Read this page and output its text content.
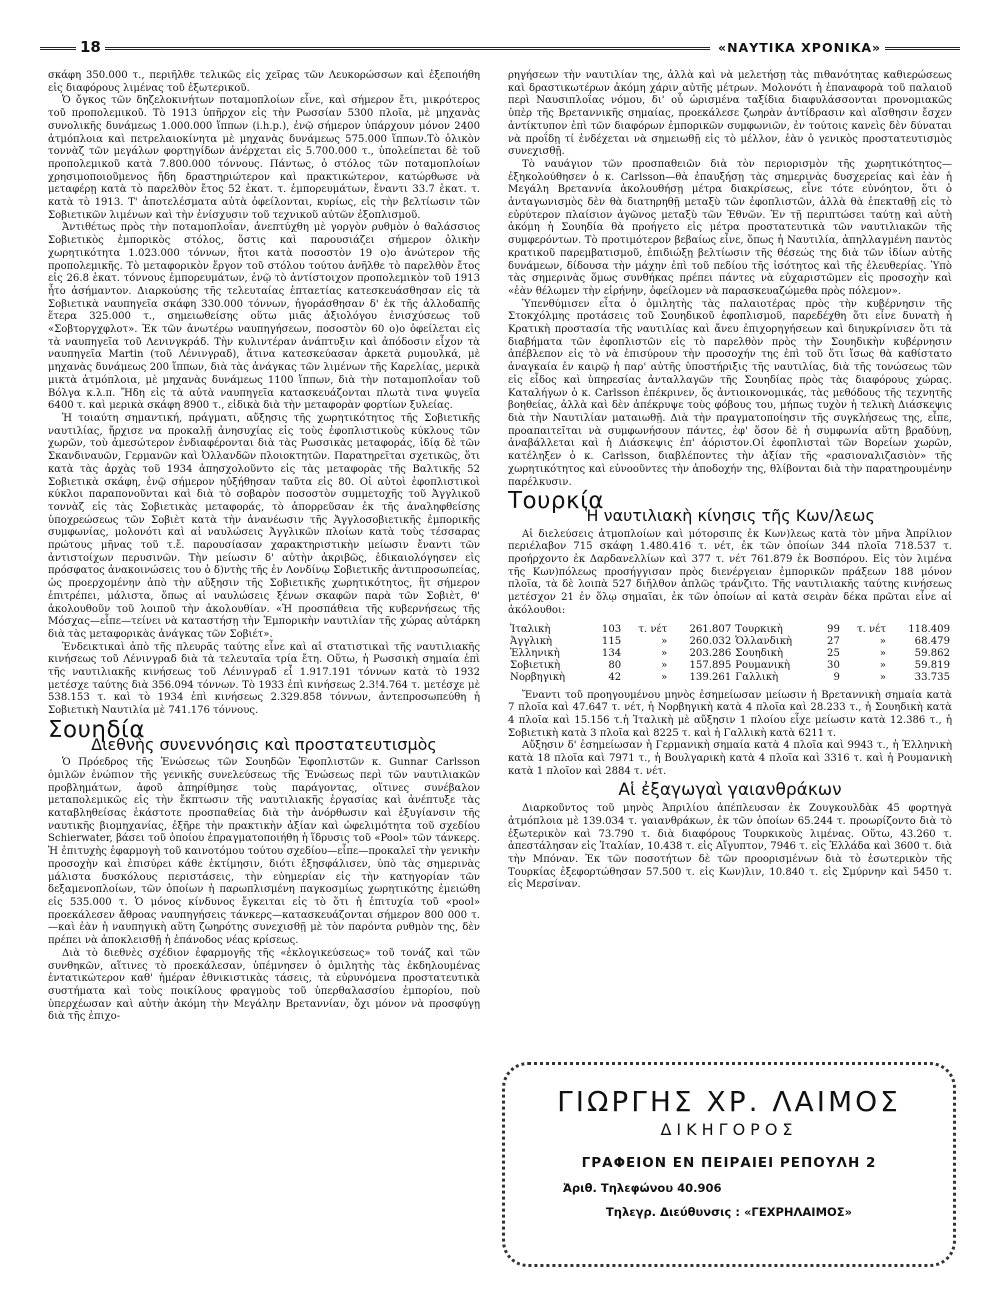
18	«ΝΑΥΤΙΚΑ ΧΡΟΝΙΚΑ»

σκάφη 350.000 τ., περιῆλθε τελικῶς εἰς χεῖρας τῶν Λευκορώσσων καὶ ἐξεποιήθη εἰς διαφόρους λιμένας τοῦ ἐξωτερικοῦ.

Ὁ ὄγκος τῶν δηζελοκινήτων ποταμοπλοίων εἶνε, καὶ σήμερον ἔτι, μικρότερος τοῦ προπολεμικοῦ. Τὸ 1913 ὑπῆρχον εἰς τὴν Ρωσσίαν 5300 πλοῖα, μὲ μηχανὰς συνολικῆς δυνάμεως 1.000.000 ἵππων (i.h.p.), ἐνῷ σήμερον ὑπάρχουν μόνον 2400 ἀτμόπλοια καὶ πετρελαιοκίνητα μὲ μηχανὰς δυνάμεως 575.000 ἵππων.Τὸ ὁλικὸν τοννὰζ τῶν μεγάλων φορτηγίδων ἀνέρχεται εἰς 5.700.000 τ., ὑπολείπεται δὲ τοῦ προπολεμικοῦ κατὰ 7.800.000 τόννους. Πάντως, ὁ στόλος τῶν ποταμοπλοίων χρησιμοποιοῦμενος ἤδη δραστηριώτερον καὶ πρακτικώτερον, κατώρθωσε νὰ μεταφέρῃ κατὰ τὸ παρελθὸν ἔτος 52 ἑκατ. τ. ἐμπορευμάτων, ἔναντι 33.7 ἑκατ. τ. κατὰ τὸ 1913. Τ' ἀποτελέσματα αὐτὰ ὀφείλονται, κυρίως, εἰς τὴν βελτίωσιν τῶν Σοβιετικῶν λιμένων καὶ τὴν ἐνίσχυσιν τοῦ τεχνικοῦ αὐτῶν ἐξοπλισμοῦ.

Ἀντιθέτως πρὸς τὴν ποταμοπλοΐαν, ἀνεπτύχθη μὲ γοργὸν ρυθμὸν ὁ θαλάσσιος Σοβιετικὸς ἐμπορικὸς στόλος, ὅστις καὶ παρουσιάζει σήμερον ὁλικὴν χωρητικότητα 1.023.000 τόννων, ἤτοι κατὰ ποσοστὸν 19 ο)ο ἀνώτερον τῆς προπολεμικῆς. Τὸ μεταφορικὸν ἔργον τοῦ στόλου τούτου ἀνῆλθε τὸ παρελθὸν ἔτος εἰς 26.8 ἑκατ. τόννους ἐμπορευμάτων, ἐνῷ τὸ ἀντίστοιχον προπολεμικὸν τοῦ 1913 ἦτο ἀσήμαντον. Διαρκούσης τῆς τελευταίας ἑπταετίας κατεσκευάσθησαν εἰς τὰ Σοβιετικὰ ναυπηγεῖα σκάφη 330.000 τόννων, ἠγοράσθησαν δ' ἐκ τῆς ἀλλοδαπῆς ἕτερα 325.000 τ., σημειωθείσης οὕτω μιᾶς ἀξιολόγου ἐνισχύσεως τοῦ «Σοβτοργχφλοτ». Ἐκ τῶν ἀνωτέρω ναυπηγήσεων, ποσοστὸν 60 ο)ο ὀφείλεται εἰς τὰ ναυπηγεῖα τοῦ Λενινγκράδ. Τὴν κυλιντέραν ἀνάπτυξιν καὶ ἀπόδοσιν εἶχον τὰ ναυπηγεῖα Martin (τοῦ Λένινγραδ), ἅτινα κατεσκεύασαν ἀρκετὰ ρυμουλκά, μὲ μηχανὰς δυνάμεως 200 ἵππων, διὰ τὰς ἀνάγκας τῶν λιμένων τῆς Καρελίας, μερικὰ μικτὰ ἀτμόπλοια, μὲ μηχανὰς δυνάμεως 1100 ἵππων, διὰ τὴν ποταμοπλοΐαν τοῦ Βόλγα κ.λ.π. Ἤδη εἰς τὰ αὐτὰ ναυπηγεῖα κατασκευάζονται πλωτὰ τινα ψυγεῖα 6400 τ. καὶ μερικὰ σκάφη 8900 τ., εἰδικὰ διὰ τὴν μεταφορὰν φορτίων ξυλείας.

Ἡ τοιαύτη σημαντική, πράγματι, αὔξησις τῆς χωρητικότητος τῆς Σοβιετικῆς ναυτιλίας, ἤρχισε να προκαλῇ ἀνησυχίας εἰς τοὺς ἐφοπλιστικοὺς κύκλους τῶν χωρῶν, τοὺ ἀμεσώτερον ἐνδιαφέρονται διὰ τὰς Ρωσσικὰς μεταφοράς, ἰδίᾳ δὲ τῶν Σκανδιναυῶν, Γερμανῶν καὶ Ὀλλανδῶν πλοιοκτητῶν. Παρατηρεῖται σχετικῶς, ὅτι κατὰ τὰς ἀρχὰς τοῦ 1934 ἀπησχολοῦντο εἰς τὰς μεταφορὰς τῆς Βαλτικῆς 52 Σοβιετικὰ σκάφη, ἐνῷ σήμερον ηὐξήθησαν ταῦτα εἰς 80. Οἱ αὐτοὶ ἐφοπλιστικοὶ κύκλοι παραπονοῦνται καὶ διὰ τὸ σοβαρὸν ποσοστὸν συμμετοχῆς τοῦ Ἀγγλικοῦ τοννὰζ εἰς τὰς Σοβιετικὰς μεταφοράς, τὸ ἀπορρεῦσαν ἐκ τῆς ἀναληφθείσης ὑποχρεώσεως τῶν Σοβιὲτ κατὰ τὴν ἀνανέωσιν τῆς Ἀγγλοσοβιετικῆς ἐμπορικῆς συμφωνίας, μολονότι καὶ αἱ ναυλώσεις Ἀγγλικῶν πλοίων κατὰ τοὺς τέσσαρας πρώτους μῆνας τοῦ τ.ἔ. παρουσίασαν χαρακτηριστικὴν μείωσιν ἔναντι τῶν ἀντιστοίχων περυσινῶν. Τὴν μείωσιν δ' αὐτὴν ἀκριβῶς, ἐδικαιολόγησεν εἰς πρόσφατος ἀνακοινώσεις του ὁ δ)ντὴς τῆς ἐν Λονδίνῳ Σοβιετικῆς ἀντιπροσωπείας, ὡς προερχομένην ἀπὸ τὴν αὔξησιν τῆς Σοβιετικῆς χωρητικότητος, ἣτ σήμερον ἐπιτρέπει, μάλιστα, ὅπως αἱ ναυλώσεις ξένων σκαφῶν παρὰ τῶν Σοβιὲτ, θ' ἀκολουθοῦν τοῦ λοιποῦ τὴν ἀκολουθίαν. «Ἡ προσπάθεια τῆς κυβερνήσεως τῆς Μόσχας—εἶπε—τείνει νὰ καταστήσῃ τὴν Ἐμπορικὴν ναυτιλίαν τῆς χώρας αὐτάρκη διὰ τὰς μεταφορικὰς ἀνάγκας τῶν Σοβιέτ».

Ἐνδεικτικαὶ ἀπὸ τῆς πλευρᾶς ταύτης εἶνε καὶ αἱ στατιστικαὶ τῆς ναυτιλιακῆς κινήσεως τοῦ Λένινγραδ διὰ τὰ τελευταῖα τρία ἔτη. Οὕτω, ἡ Ρωσσικὴ σημαία ἐπὶ τῆς ναυτιλιακῆς κινήσεως τοῦ Λένινγραδ εἶ 1.917.191 τόννων κατὰ τὸ 1932 μετέσχε ταύτης διὰ 356.094 τόννων. Τὸ 1933 ἐπὶ κινήσεως 2.3!4.764 τ. μετέσχε μὲ 538.153 τ. καὶ τὸ 1934 ἐπὶ κινήσεως 2.329.858 τόννων, ἀντεπροσωπεύθη ἡ Σοβιετικὴ Ναυτιλία μὲ 741.176 τόννους.

Σουηδία
Διεθνὴς συνεννόησις καὶ προστατευτισμὸς

Ὁ Πρόεδρος τῆς Ἑνώσεως τῶν Σουηδῶν Ἐφοπλιστῶν κ. Gunnar Carlsson ὁμιλῶν ἐνώπιον τῆς γενικῆς συνελεύσεως τῆς Ἑνώσεως περὶ τῶν ναυτιλιακῶν προβλημάτων, ἀφοῦ ἀπηρίθμησε τοὺς παράγοντας, οἵτινες συνέβαλον μεταπολεμικῶς εἰς τὴν ἔκπτωσιν τῆς ναυτιλιακῆς ἐργασίας καὶ ἀνέπτυξε τὰς καταβληθείσας ἑκάστοτε προσπαθείας διὰ τὴν ἀνόρθωσιν καὶ ἐξυγίανσιν τῆς ναυτικῆς βιομηχανίας, ἐξῆρε τὴν πρακτικὴν ἀξίαν καὶ ὠφελιμότητα τοῦ σχεδίου Schierwater, βάσει τοῦ ὁποίου ἐπραγματοποιήθη ἡ ἵδρυσις τοῦ «Pool» τῶν τάνκερς. Ἡ ἐπιτυχὴς ἐφαρμογὴ τοῦ καινοτόμου τούτου σχεδίου—εἶπε—προκαλεῖ τὴν γενικὴν προσοχὴν καὶ ἐπισύρει κάθε ἐκτίμησιν, διότι ἐξησφάλισεν, ὑπὸ τὰς σημερινὰς μάλιστα δυσκόλους περιστάσεις, τὴν εὐημερίαν εἰς τὴν κατηγορίαν τῶν δεξαμενοπλοίων, τῶν ὁποίων ἡ παρωπλισμένη παγκοσμίως χωρητικότης ἐμειώθη εἰς 535.000 τ. Ὁ μόνος κίνδυνος ἔγκειται εἰς τὸ ὅτι ἡ ἐπιτυχία τοῦ «pool» προεκάλεσεν ἄθροας ναυπηγήσεις τάνκερς—κατασκευάζονται σήμερον 800 000 τ.—καὶ ἐὰν ἡ ναυπηγικὴ αὕτη ζωηρότης συνεχισθῇ μὲ τὸν παρόντα ρυθμὸν της, δὲν πρέπει νὰ ἀποκλεισθῇ ἡ ἐπάνοδος νέας κρίσεως.

Διὰ τὸ διεθνὲς σχέδιον ἐφαρμογῆς τῆς «ἐκλογικεύσεως» τοῦ τονάζ καὶ τῶν συνθηκῶν, αἵτινες τὸ προεκάλεσαν, ὑπέμνησεν ὁ ὁμιλητὴς τὰς ἐκδηλουμένας ἐντατικώτερον καθ' ἡμέραν ἐθνικιστικὰς τάσεις, τὰ εὐρυνόμενα προστατευτικὰ συστήματα καὶ τοὺς ποικίλους φραγμοὺς τοῦ ὑπερθαλασσίου ἐμπορίου, ποὺ ὑπερχέωσαν καὶ αὐτὴν ἀκόμη τὴν Μεγάλην Βρεταννίαν, ὄχι μόνον νὰ προσφύγῃ διὰ τῆς ἐπιχο-

ρηγήσεων τὴν ναυτιλίαν της, ἀλλὰ καὶ νὰ μελετήσῃ τὰς πιθανότητας καθιερώσεως καὶ δραστικωτέρων ἀκόμη χάριν αὐτῆς μέτρων. Μολονότι ἡ ἐπαναφορὰ τοῦ παλαιοῦ περὶ Ναυσιπλοΐας νόμου, δι' οὗ ὡρισμένα ταξίδια διαφυλάσσονται προνομιακῶς ὑπὲρ τῆς Βρεταννικῆς σημαίας, προεκάλεσε ζωηρὰν ἀντίδρασιν καὶ αἴσθησιν ἔσχεν ἀντίκτυπον ἐπὶ τῶν διαφόρων ἐμπορικῶν συμφωνιῶν, ἐν τούτοις κανεὶς δὲν δύναται νὰ προΐδῃ τί ἐνδέχεται νὰ σημειωθῇ εἰς τὸ μέλλον, ἐὰν ὁ γενικὸς προστατευτισμὸς συνεχισθῇ.

Τὸ ναυάγιον τῶν προσπαθειῶν διὰ τὸν περιορισμὸν τῆς χωρητικότητος—ἐξηκολούθησεν ὁ κ. Carlsson—θὰ ἐπαυξήσῃ τὰς σημερινὰς δυσχερείας καὶ ἐὰν ἡ Μεγάλη Βρεταννία ἀκολουθήσῃ μέτρα διακρίσεως, εἶνε τότε εὐνόητον, ὅτι ὁ ἀνταγωνισμὸς δὲν θὰ διατηρηθῇ μεταξὺ τῶν ἐφοπλιστῶν, ἀλλὰ θὰ ἐπεκταθῇ εἰς τὸ εὐρύτερον πλαίσιον ἀγῶνος μεταξὺ τῶν Ἐθνῶν. Ἐν τῇ περιπτώσει ταύτῃ καὶ αὐτὴ ἀκόμη ἡ Σουηδία θὰ προήγετο εἰς μέτρα προστατευτικὰ τῶν ναυτιλιακῶν τῆς συμφερόντων. Τὸ προτιμότερον βεβαίως εἶνε, ὅπως ἡ Ναυτιλία, ἀπηλλαγμένη παντὸς κρατικοῦ παρεμβατισμοῦ, ἐπιδιώξῃ βελτίωσιν τῆς θέσεώς της διὰ τῶν ἰδίων αὐτῆς δυνάμεων, δίδουσα τὴν μάχην ἐπὶ τοῦ πεδίου τῆς ἰσότητος καὶ τῆς ἐλευθερίας. Ὑπὸ τὰς σημερινὰς ὅμως συνθήκας πρέπει πάντες νὰ εὐχαριστῶμεν εἰς προσοχὴν καὶ «ἐὰν θέλωμεν τὴν εἰρήνην, ὀφείλομεν νὰ παρασκευαζώμεθα πρὸς πόλεμον».

Ὑπενθύμισεν εἶτα ὁ ὁμιλητὴς τὰς παλαιοτέρας πρὸς τὴν κυβέρνησιν τῆς Στοκχόλμης προτάσεις τοῦ Σουηδικοῦ ἐφοπλισμοῦ, παρεδέχθη ὅτι εἶνε δυνατὴ ἡ Κρατικὴ προστασία τῆς ναυτιλίας καὶ ἄνευ ἐπιχορηγήσεων καὶ διηυκρίνισεν ὅτι τὰ διαβήματα τῶν ἐφοπλιστῶν εἰς τὸ παρελθὸν πρὸς τὴν Σουηδικὴν κυβέρνησιν ἀπέβλεπον εἰς τὸ νὰ ἐπισύρουν τὴν προσοχήν της ἐπὶ τοῦ ὅτι ἴσως θὰ καθίστατο ἀναγκαία ἐν καιρῷ ἡ παρ' αὐτῆς ὑποστήριξις τῆς ναυτιλίας, διὰ τῆς τονώσεως τῶν εἰς εἶδος καὶ ὑπηρεσίας ἀνταλλαγῶν τῆς Σουηδίας πρὸς τὰς διαφόρους χώρας. Καταλήγων ὁ κ. Carlsson ἐπέκρινεν, ὅς ἀντιοικονομικάς, τὰς μεθόδους τῆς τεχνητῆς βοηθείας, ἀλλὰ καὶ δὲν ἀπέκρυψε τοὺς φόβους του, μήπως τυχὸν ἡ τελικὴ Διάσκεψις διὰ τὴν Ναυτιλίαν ματαιωθῇ. Διὰ τὴν πραγματοποίησιν τῆς συγκλήσεως της, εἶπε, προαπαιτεῖται νὰ συμφωνήσουν πάντες, ἐφ' ὅσον δὲ ἡ συμφωνία αὕτη βραδύνῃ, ἀναβάλλεται καὶ ἡ Διάσκεψις ἐπ' ἀόριστον.Οἱ ἐφοπλισταὶ τῶν Βορείων χωρῶν, κατέληξεν ὁ κ. Carlsson, διαβλέποντες τὴν ἀξίαν τῆς «ρασιοναλιζασιὸν» τῆς χωρητικότητος καὶ εὐνοοῦντες τὴν ἀποδοχήν της, θλίβονται διὰ τὴν παρατηρουμένην παρέλκυσιν.

Τουρκία
Ἡ ναυτιλιακὴ κίνησις τῆς Κων/λεως

Αἱ διελεύσεις ἀτμοπλοίων καὶ μότορσιπς ἐκ Κων)λεως κατὰ τὸν μῆνα Ἀπρίλιον περιέλαβον 715 σκάφη 1.480.416 τ. νέτ, ἐκ τῶν ὁποίων 344 πλοῖα 718.537 τ. προήρχοντο ἐκ Δαρδανελλίων καὶ 377 τ. νέτ 761.879 ἐκ Βοσπόρου. Εἰς τὸν λιμένα τῆς Κων)πόλεως προσήγγισαν πρὸς διενέργειαν ἐμπορικῶν πράξεων 188 μόνον πλοῖα, τὰ δὲ λοιπὰ 527 διῆλθον ἁπλῶς τράνζιτο. Τῆς ναυτιλιακῆς ταύτης κινήσεως μετέσχον 21 ἐν ὅλῳ σημαῖαι, ἐκ τῶν ὁποίων αἱ κατὰ σειρὰν δέκα πρῶται εἶνε αἱ ἀκόλουθοι:

Ἰταλικὴ	103	τ. νέτ	261.807	Τουρκικὴ	99	τ. νέτ	118.409
Ἀγγλικὴ	115	»	260.032	Ὁλλανδικὴ	27	»	68.479
Ἑλληνικὴ	134	»	203.286	Σουηδικὴ	25	»	59.862
Σοβιετικὴ	80	»	157.895	Ρουμανικὴ	30	»	59.819
Νορβηγικὴ	42	»	139.261	Γαλλικὴ	9	»	33.735

Ἔναντι τοῦ προηγουμένου μηνὸς ἐσημείωσαν μείωσιν ἡ Βρεταννικὴ σημαία κατὰ 7 πλοῖα καὶ 47.647 τ. νέτ, ἡ Νορβηγικὴ κατὰ 4 πλοῖα καὶ 28.233 τ., ἡ Σουηδικὴ κατὰ 4 πλοῖα καὶ 15.156 τ.ἡ Ἰταλικὴ μὲ αὔξησιν 1 πλοίου εἶχε μείωσιν κατὰ 12.386 τ., ἡ Σοβιετικὴ κατὰ 3 πλοῖα καὶ 8225 τ. καὶ ἡ Γαλλικὴ κατὰ 6211 τ.

Αὔξησιν δ' ἐσημείωσαν ἡ Γερμανικὴ σημαία κατὰ 4 πλοῖα καὶ 9943 τ., ἡ Ἑλληνικὴ κατὰ 18 πλοῖα καὶ 7971 τ., ἡ Βουλγαρικὴ κατὰ 4 πλοῖα καὶ 3316 τ. καὶ ἡ Ρουμανικὴ κατὰ 1 πλοῖον καὶ 2884 τ. νέτ.

Αἱ ἐξαγωγαὶ γαιανθράκων

Διαρκοῦντος τοῦ μηνὸς Ἀπριλίου ἀπέπλευσαν ἐκ Ζουγκουλδὰκ 45 φορτηγὰ ἀτμόπλοια μὲ 139.034 τ. γαιανθράκων, ἐκ τῶν ὁποίων 65.244 τ. προωρίζοντο διὰ τὸ ἐξωτερικὸν καὶ 73.790 τ. διὰ διαφόρους Τουρκικοὺς λιμένας. Οὕτω, 43.260 τ. ἀπεστάλησαν εἰς Ἰταλίαν, 10.438 τ. εἰς Αἴγυπτον, 7946 τ. εἰς Ἑλλάδα καὶ 3600 τ. διὰ τὴν Μπόναν. Ἐκ τῶν ποσοτήτων δὲ τῶν προορισμένων διὰ τὸ ἐσωτερικὸν τῆς Τουρκίας ἐξεφορτώθησαν 57.500 τ. εἰς Κων)λιν, 10.840 τ. εἰς Σμύρνην καὶ 5450 τ. εἰς Μερσίναν.

ΓΙΩΡΓΗΣ ΧΡ. ΛΑΙΜΟΣ
ΔΙΚΗΓΟΡΟΣ
ΓΡΑΦΕΙΟΝ ΕΝ ΠΕΙΡΑΙΕΙ ΡΕΠΟΥΛΗ 2
Ἀριθ. Τηλεφώνου 40.906
Τηλεγρ. Διεύθυνσις : «ΓΕΧΡΗΛΑΙΜΟΣ»
